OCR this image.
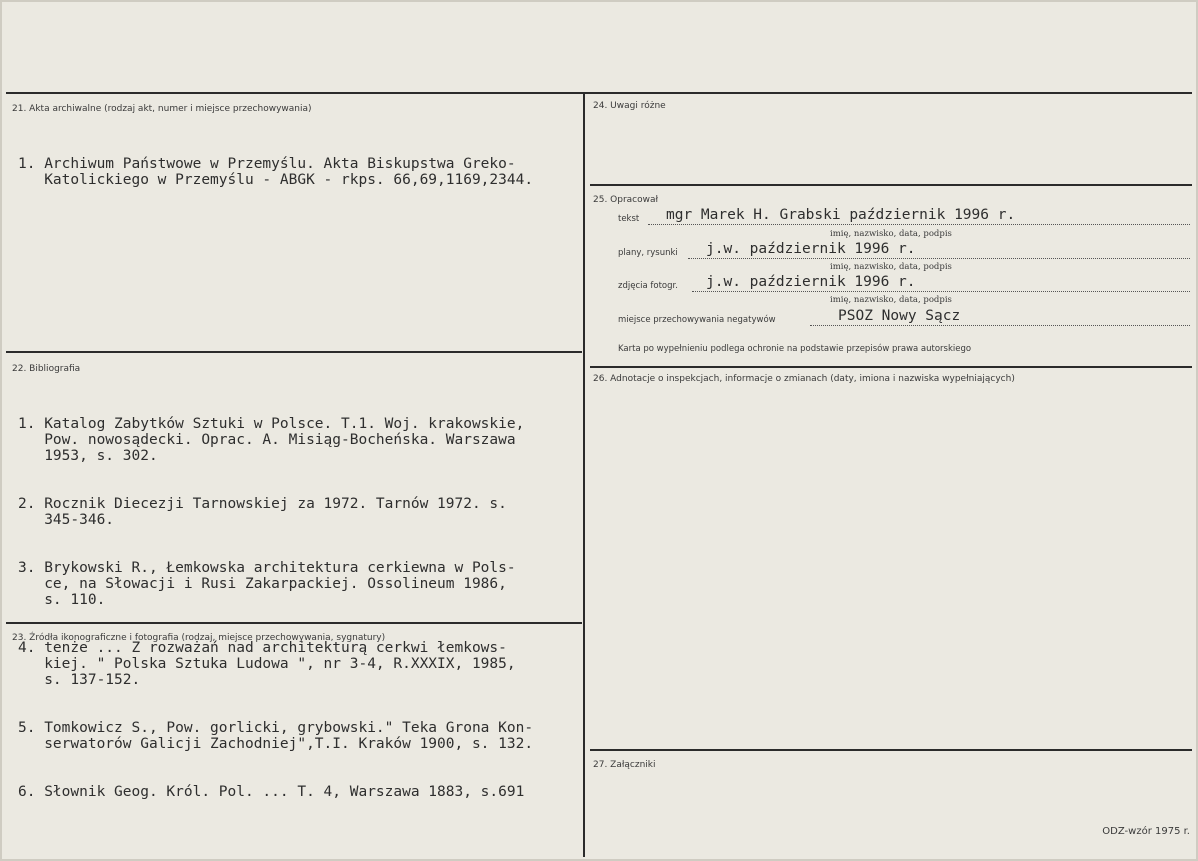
21. Akta archiwalne (rodzaj akt, numer i miejsce przechowywania)

1. Archiwum Państwowe w Przemyślu. Akta Biskupstwa Greko-
Katolickiego w Przemyślu - ABGK - rkps. 66,69,1169,2344.

22. Bibliografia

1. Katalog Zabytków Sztuki w Polsce. T.1. Woj. krakowskie,
Pow. nowosądecki. Oprac. A. Misiąg-Bocheńska. Warszawa
1953, s. 302.

2. Rocznik Diecezji Tarnowskiej za 1972. Tarnów 1972. s.
345-346.

3. Brykowski R., Łemkowska architektura cerkiewna w Pols-
ce, na Słowacji i Rusi Zakarpackiej. Ossolineum 1986,
s. 110.

4. tenże ... Z rozważań nad architekturą cerkwi łemkows-
kiej. " Polska Sztuka Ludowa ", nr 3-4, R.XXXIX, 1985,
s. 137-152.

5. Tomkowicz S., Pow. gorlicki, grybowski." Teka Grona Kon-
serwatorów Galicji Zachodniej",T.I. Kraków 1900, s. 132.

6. Słownik Geog. Król. Pol. ... T. 4, Warszawa 1883, s.691

23. Źródła ikonograficzne i fotografia (rodzaj, miejsce przechowywania, sygnatury)
24. Uwagi różne
25. Opracował
tekst mgr Marek H. Grabski październik 1996 r.
imię, nazwisko, data, podpis
plany, rysunki j.w. październik 1996 r.
imię, nazwisko, data, podpis
zdjęcia fotogr. j.w. październik 1996 r.
imię, nazwisko, data, podpis
miejsce przechowywania negatywów	PSOZ Nowy Sącz
Karta po wypełnieniu podlega ochronie na podstawie przepisów prawa autorskiego
26. Adnotacje o inspekcjach, informacje o zmianach (daty, imiona i nazwiska wypełniających)
27. Załączniki
ODZ-wzór 1975 r.
